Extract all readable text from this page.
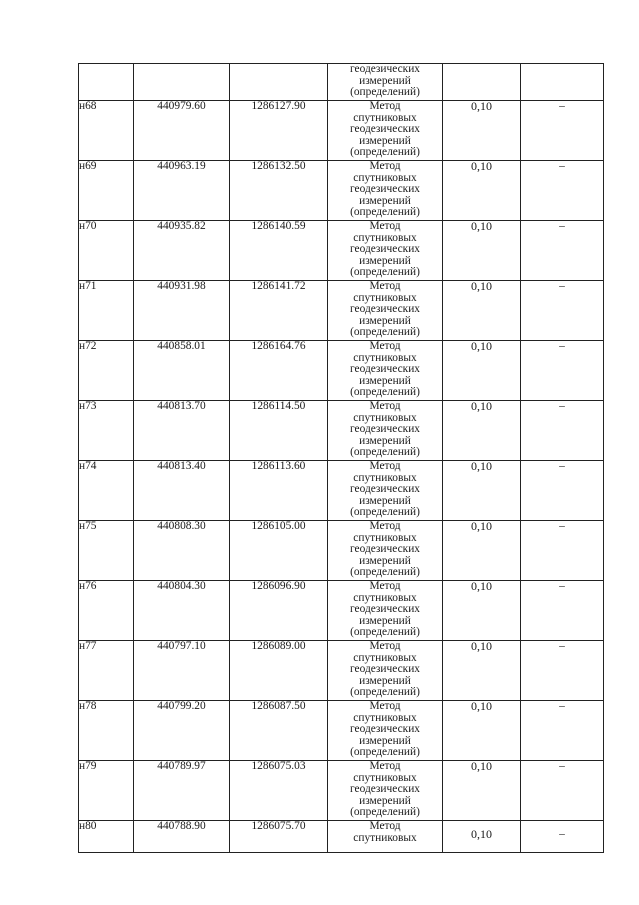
			геодезических
измерений
(определений)		

н68	440979.60	1286127.90	Метод
спутниковых
геодезических
измерений
(определений)	0,10	–
н69	440963.19	1286132.50	Метод
спутниковых
геодезических
измерений
(определений)	0,10	–
н70	440935.82	1286140.59	Метод
спутниковых
геодезических
измерений
(определений)	0,10	–
н71	440931.98	1286141.72	Метод
спутниковых
геодезических
измерений
(определений)	0,10	–
н72	440858.01	1286164.76	Метод
спутниковых
геодезических
измерений
(определений)	0,10	–
н73	440813.70	1286114.50	Метод
спутниковых
геодезических
измерений
(определений)	0,10	–
н74	440813.40	1286113.60	Метод
спутниковых
геодезических
измерений
(определений)	0,10	–
н75	440808.30	1286105.00	Метод
спутниковых
геодезических
измерений
(определений)	0,10	–
н76	440804.30	1286096.90	Метод
спутниковых
геодезических
измерений
(определений)	0,10	–
н77	440797.10	1286089.00	Метод
спутниковых
геодезических
измерений
(определений)	0,10	–
н78	440799.20	1286087.50	Метод
спутниковых
геодезических
измерений
(определений)	0,10	–
н79	440789.97	1286075.03	Метод
спутниковых
геодезических
измерений
(определений)	0,10	–
н80	440788.90	1286075.70	Метод
спутниковых	0,10	–
